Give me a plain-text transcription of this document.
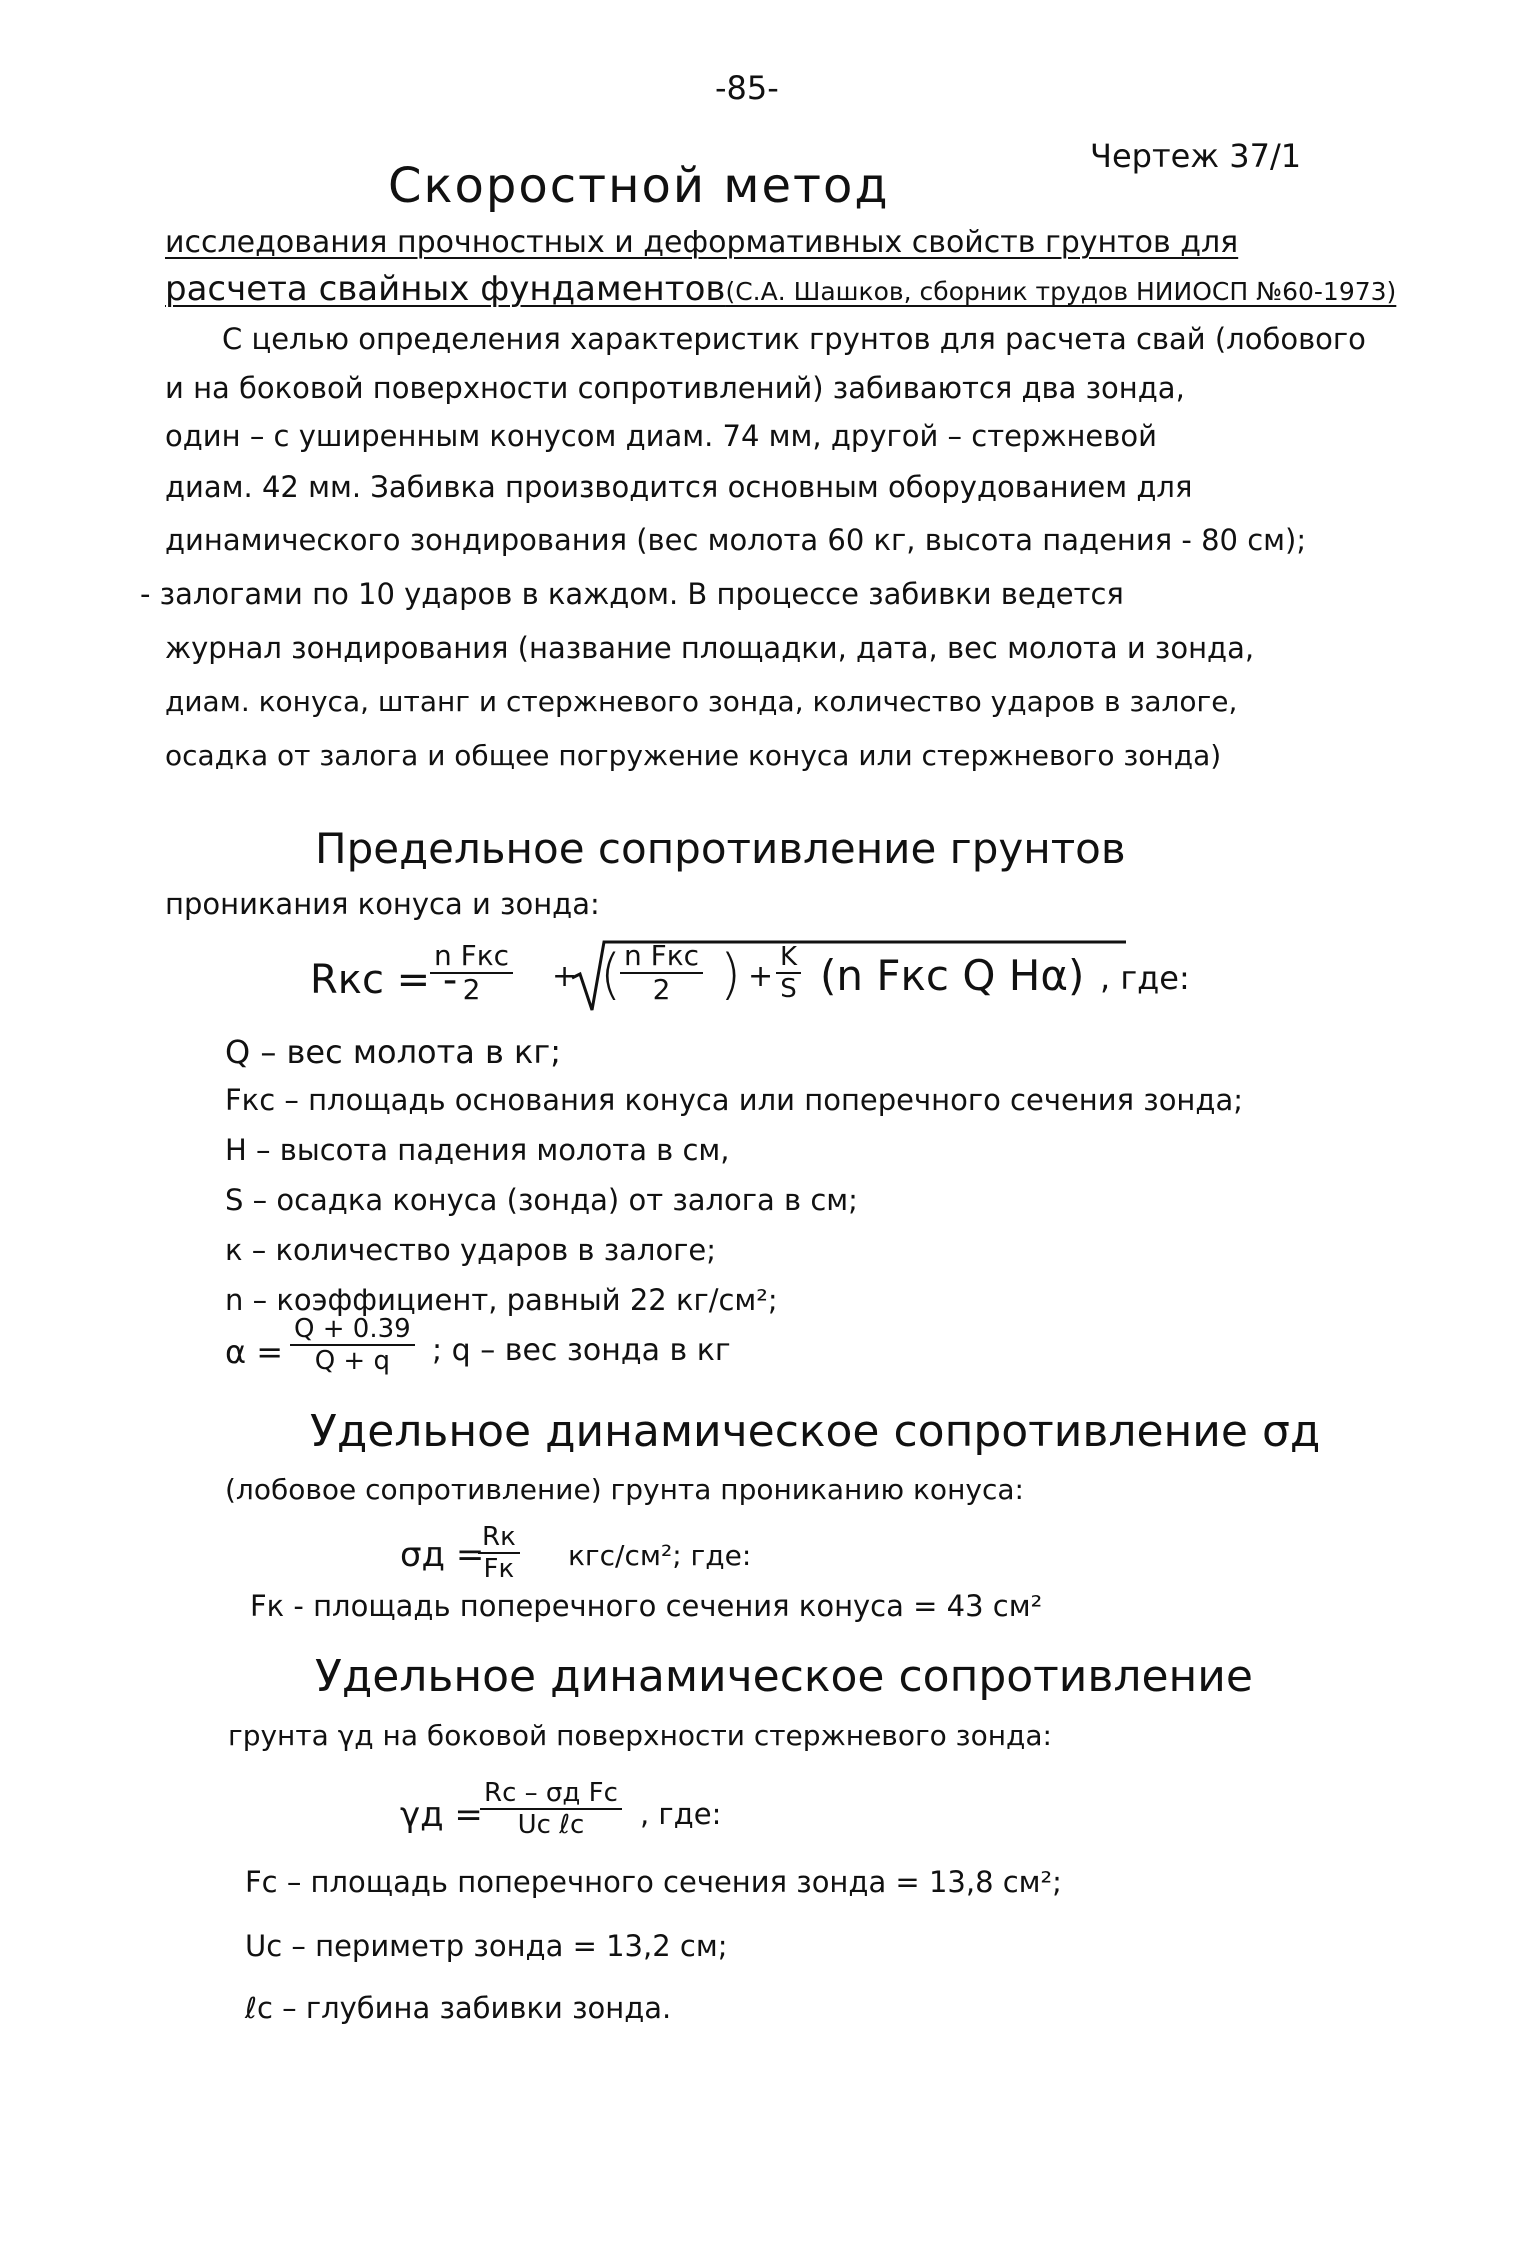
-85-
Чертеж 37/1
Скоростной метод
исследования прочностных и деформативных свойств грунтов для
расчета свайных фундаментов(С.А. Шашков, сборник трудов НИИОСП №60-1973)
С целью определения характеристик грунтов для расчета свай (лобового
и на боковой поверхности сопротивлений) забиваются два зонда,
один – с уширенным конусом диам. 74 мм, другой – стержневой
диам. 42 мм. Забивка производится основным оборудованием для
динамического зондирования (вес молота 60 кг, высота падения - 80 см);
- залогами по 10 ударов в каждом. В процессе забивки ведется
журнал зондирования (название площадки, дата, вес молота и зонда,
диам. конуса, штанг и стержневого зонда, количество ударов в залоге,
осадка от залога и общее погружение конуса или стержневого зонда)
Предельное сопротивление грунтов
проникания конуса и зонда:
Rкс = -
n Fкс
2	+ ( n Fкс
2 ) + $\frac{K}{S} (n$ Fкс Q Hα) , где:
Q – вес молота в кг;
Fкс – площадь основания конуса или поперечного сечения зонда;
H – высота падения молота в см,
S – осадка конуса (зонда) от залога в см;
к – количество ударов в залоге;
n – коэффициент, равный 22 кг/см²;
$\alpha = \frac{Q + 0.39}{Q + q}$ ; q – вес зонда в кг
Удельное динамическое сопротивление σд
(лобовое сопротивление) грунта прониканию конуса:
σд =
Rк
Fк кгс/см²; где:
Fк - площадь поперечного сечения конуса = 43 см²
Удельное динамическое сопротивление
грунта γд на боковой поверхности стержневого зонда:
γд =
Rc – σд Fc
Uc ℓc	, где:
Fc – площадь поперечного сечения зонда = 13,8 см²;
Uc – периметр зонда = 13,2 см;
ℓc – глубина забивки зонда.
